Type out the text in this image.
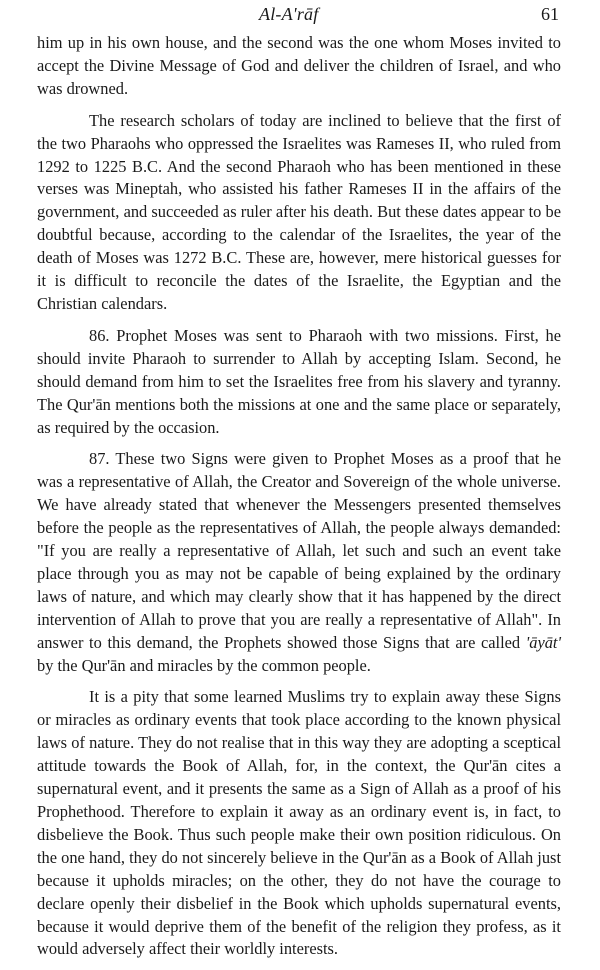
Al-A'rāf	61

him up in his own house, and the second was the one whom Moses invited to accept the Divine Message of God and deliver the children of Israel, and who was drowned.

The research scholars of today are inclined to believe that the first of the two Pharaohs who oppressed the Israelites was Rameses II, who ruled from 1292 to 1225 B.C. And the second Pharaoh who has been mentioned in these verses was Mineptah, who assisted his father Rameses II in the affairs of the government, and succeeded as ruler after his death. But these dates appear to be doubtful because, according to the calendar of the Israelites, the year of the death of Moses was 1272 B.C. These are, however, mere historical guesses for it is difficult to reconcile the dates of the Israelite, the Egyptian and the Christian calendars.

86. Prophet Moses was sent to Pharaoh with two missions. First, he should invite Pharaoh to surrender to Allah by accepting Islam. Second, he should demand from him to set the Israelites free from his slavery and tyranny. The Qur'ān mentions both the missions at one and the same place or separately, as required by the occasion.

87. These two Signs were given to Prophet Moses as a proof that he was a representative of Allah, the Creator and Sovereign of the whole universe. We have already stated that whenever the Messengers presented themselves before the people as the representatives of Allah, the people always demanded: "If you are really a representative of Allah, let such and such an event take place through you as may not be capable of being explained by the ordinary laws of nature, and which may clearly show that it has happened by the direct intervention of Allah to prove that you are really a representative of Allah". In answer to this demand, the Prophets showed those Signs that are called 'āyāt' by the Qur'ān and miracles by the common people.

It is a pity that some learned Muslims try to explain away these Signs or miracles as ordinary events that took place according to the known physical laws of nature. They do not realise that in this way they are adopting a sceptical attitude towards the Book of Allah, for, in the context, the Qur'ān cites a supernatural event, and it presents the same as a Sign of Allah as a proof of his Prophethood. Therefore to explain it away as an ordinary event is, in fact, to disbelieve the Book. Thus such people make their own position ridiculous. On the one hand, they do not sincerely believe in the Qur'ān as a Book of Allah just because it upholds miracles; on the other, they do not have the courage to declare openly their disbelief in the Book which upholds supernatural events, because it would deprive them of the benefit of the religion they profess, as it would adversely affect their worldly interests.
